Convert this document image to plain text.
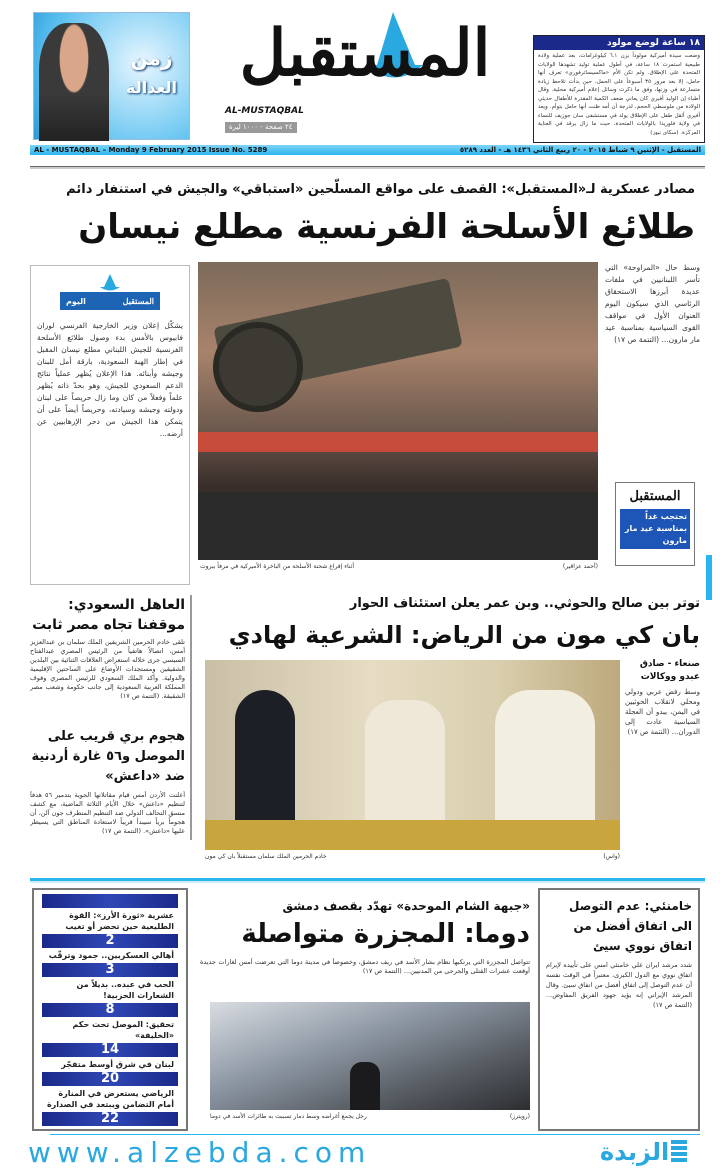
زمن
العدالة المستقبل
AL-MUSTAQBAL
٢٤ صفحة - ١٠٠٠ ليرة
١٨ ساعة لوضع مولود
وضعت سيدة أميركية مولوداً يزن ٦.١ كيلوغرامات، بعد عملية ولادة طبيعية استمرت ١٨ ساعة، في أطول عملية توليد تشهدها الولايات المتحدة على الإطلاق. ولم تكن الأم «ماكسيساترفوري» تعرف أنها حامل، إلا بعد مرور ٣٥ أسبوعاً على الحمل، حين بدأت تلاحظ زيادة متسارعة في وزنها، وفق ما ذكرت وسائل إعلام أميركية محلية. وقال أطباء إن الوليد أفيري كان يعاني ضعف الكمية المقدرة للأطفال حديثي الولادة من ملوسطي الحجم، لدرجة أن أمه ظنت أنها حامل بتوأم. ويعد أفيري أثقل طفل على الإطلاق يولد في مستشفى سان جوزيف للنساء في ولاية فلوريدا بالولايات المتحدة، حيث ما زال يرقد في العناية المركزة. (سكاي نيوز)
AL - MUSTAQBAL – Monday 9 February 2015 Issue No. 5289	المستقبل - الإثنين ٩ شباط ٢٠١٥ - ٢٠ ربيع الثاني ١٤٣٦ هـ - العدد ٥٢٨٩
مصادر عسكرية لـ«المستقبل»: القصف على مواقع المسلّحين «استباقي» والجيش في استنفار دائم
طلائع الأسلحة الفرنسية مطلع نيسان
اليوم	المستقبل
يشكّل إعلان وزير الخارجية الفرنسي لوران فابيوس بالأمس بدء وصول طلائع الأسلحة الفرنسية للجيش اللبناني مطلع نيسان المقبل في إطار الهبة السعودية، بارقة أمل للبنان وجيشه وأبنائه. هذا الإعلان يُظهر عملياً نتائج الدعم السعودي للجيش، وهو بحدّ ذاته يُظهر علماً وفعلاً من كان وما زال حريصاً على لبنان ودولته وجيشه وسيادته، وحريصاً أيضاً على أن يتمكن هذا الجيش من دحر الإرهابيين عن أرضه...
(أحمد عزاقير)
أثناء إفراغ شحنة الأسلحة من الباخرة الأميركية في مرفأ بيروت
وسط حال «المراوحة» التي تأسر اللبنانيين في ملفات عديدة أبرزها الاستحقاق الرئاسي الذي سيكون اليوم العنوان الأول في مواقف القوى السياسية بمناسبة عيد مار مارون... (التتمة ص ١٧)
المستقبل
تحتجب غداً بمناسبة عيد مار مارون
توتر بين صالح والحوثي.. وبن عمر يعلن استئناف الحوار
بان كي مون من الرياض: الشرعية لهادي
(واس)
خادم الحرمين الملك سلمان مستقبلاً بان كي مون
صنعاء - صادق عبدو ووكالات
وسط رفض عربي ودولي ومحلي لانقلاب الحوثيين في اليمن، يبدو أن العجلة السياسية عادت إلى الدوران... (التتمة ص ١٧)
العاهل السعودي: موقفنا تجاه مصر ثابت
تلقى خادم الحرمين الشريفين الملك سلمان بن عبدالعزيز أمس، اتصالاً هاتفياً من الرئيس المصري عبدالفتاح السيسي جرى خلاله استعراض العلاقات الثنائية بين البلدين الشقيقين ومستجدات الأوضاع على الساحتين الإقليمية والدولية. وأكد الملك السعودي للرئيس المصري وقوف المملكة العربية السعودية إلى جانب حكومة وشعب مصر الشقيقة. (التتمة ص ١٧)
هجوم بري قريب على الموصل و٥٦ غارة أردنية ضد «داعش»
أعلنت الأردن أمس قيام مقاتلاتها الجوية بتدمير ٥٦ هدفاً لتنظيم «داعش» خلال الأيام الثلاثة الماضية، مع كشف منسق التحالف الدولي ضد التنظيم المتطرف جون آلن، أن هجوماً برياً سيبدأ قريباً لاستعادة المناطق التي يسيطر عليها «داعش». (التتمة ص ١٧)
عشرية «ثورة الأرز»: القوة الطليعية حين تحضر أو تغيب
2
أهالي العسكريين.. جمود وترقّب
3
الحب في عبده.. بديلاً من الشعارات الحزبية!
8
تحقيق: الموصل تحت حكم «الخليفة»
14
لبنان في شرق أوسط متفجّر
20
الرياضي يستعرض في المنارة أمام التضامن ويبتعد في الصدارة
22
«جبهة الشام الموحدة» تهدّد بقصف دمشق
دوما: المجزرة متواصلة
تتواصل المجزرة التي يرتكبها نظام بشار الأسد في ريف دمشق، وخصوصاً في مدينة دوما التي تعرضت أمس لغارات جديدة أوقعت عشرات القتلى والجرحى من المدنيين... (التتمة ص ١٧)
(رويترز)
رجل يجمع أغراضه وسط دمار تسببت به طائرات الأسد في دوما
خامنئي: عدم التوصل الى اتفاق أفضل من اتفاق نووي سيئ
شدد مرشد ايران علي خامنئي امس على تأييده لإبرام اتفاق نووي مع الدول الكبرى، معتبراً في الوقت نفسه أن عدم التوصل إلى اتفاق أفضل من اتفاق سيئ. وقال المرشد الإيراني إنه يؤيد جهود الفريق المفاوض... (التتمة ص ١٧)
www.alzebda.com	الزبدة
